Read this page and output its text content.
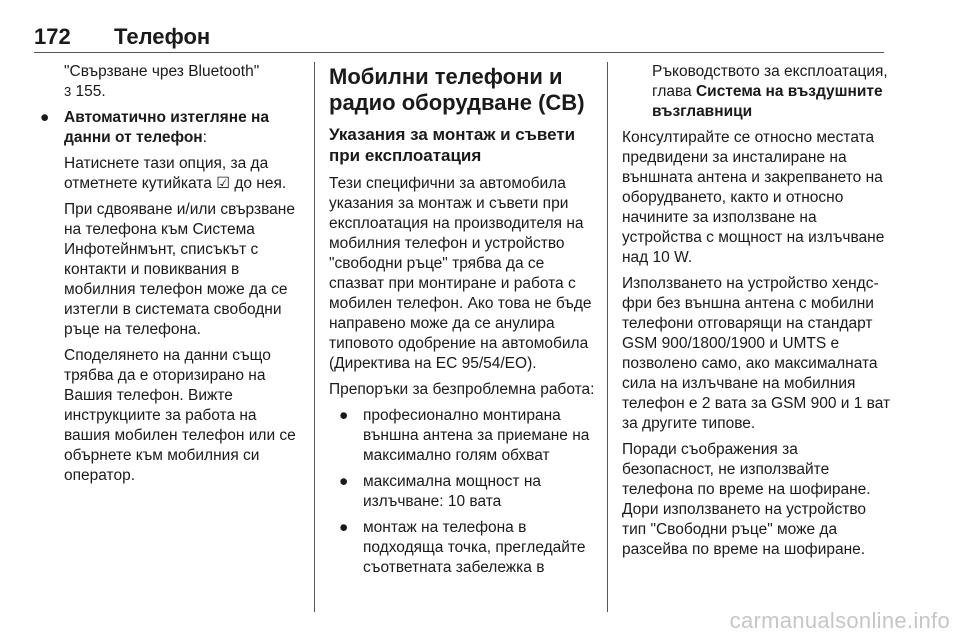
172 Телефон

"Свързване чрез Bluetooth"
3 155.

● Автоматично изтегляне на данни от телефон:

Натиснете тази опция, за да отметнете кутийката ☑ до нея.

При сдвояване и/или свързване на телефона към Система Инфотейнмънт, списъкът с контакти и повиквания в мобилния телефон може да се изтегли в системата свободни ръце на телефона.

Споделянето на данни също трябва да е оторизирано на Вашия телефон. Вижте инструкциите за работа на вашия мобилен телефон или се обърнете към мобилния си оператор.

Мобилни телефони и радио оборудване (CB)
Указания за монтаж и съвети при експлоатация

Тези специфични за автомобила указания за монтаж и съвети при експлоатация на производителя на мобилния телефон и устройство "свободни ръце" трябва да се спазват при монтиране и работа с мобилен телефон. Ако това не бъде направено може да се анулира типовото одобрение на автомобила (Директива на ЕС 95/54/ЕО).

Препоръки за безпроблемна работа:

● професионално монтирана външна антена за приемане на максимално голям обхват
● максимална мощност на излъчване: 10 вата
● монтаж на телефона в подходяща точка, прегледайте съответната забележка в

Ръководството за експлоатация, глава Система на въздушните възглавници

Консултирайте се относно местата предвидени за инсталиране на външната антена и закрепването на оборудването, както и относно начините за използване на устройства с мощност на излъчване над 10 W.

Използването на устройство хендс-фри без външна антена с мобилни телефони отговарящи на стандарт GSM 900/1800/1900 и UMTS е позволено само, ако максималната сила на излъчване на мобилния телефон е 2 вата за GSM 900 и 1 ват за другите типове.

Поради съображения за безопасност, не използвайте телефона по време на шофиране. Дори използването на устройство тип "Свободни ръце" може да разсейва по време на шофиране.

carmanualsonline.info
